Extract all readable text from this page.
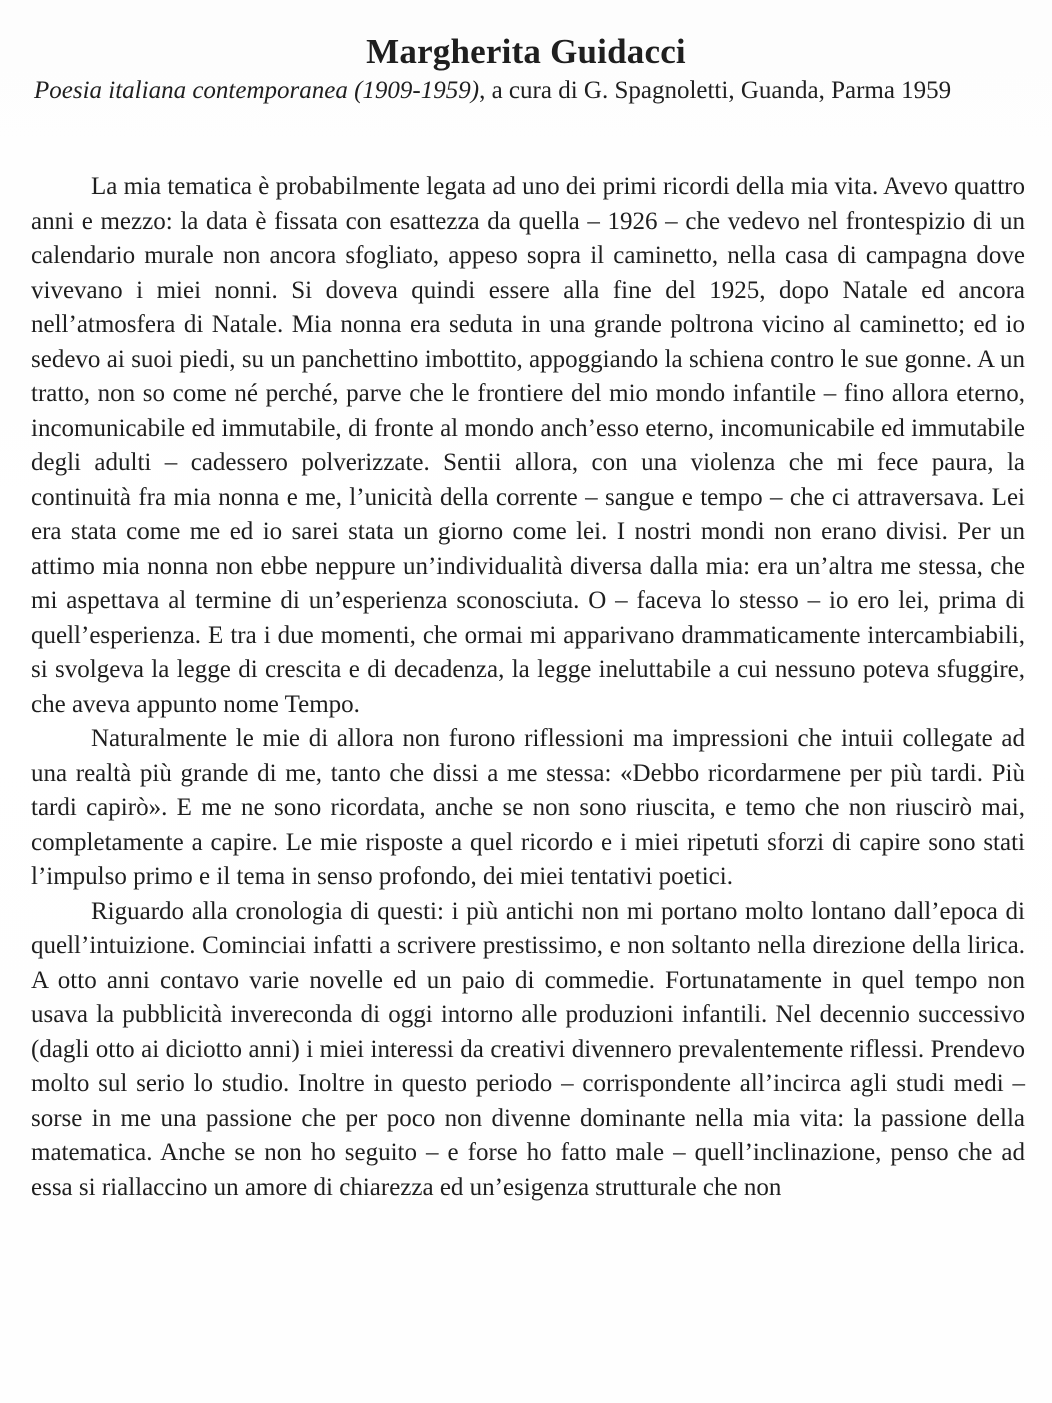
Margherita Guidacci

Poesia italiana contemporanea (1909-1959), a cura di G. Spagnoletti, Guanda, Parma 1959

La mia tematica è probabilmente legata ad uno dei primi ricordi della mia vita. Avevo quattro anni e mezzo: la data è fissata con esattezza da quella – 1926 – che vedevo nel frontespizio di un calendario murale non ancora sfogliato, appeso sopra il caminetto, nella casa di campagna dove vivevano i miei nonni. Si doveva quindi essere alla fine del 1925, dopo Natale ed ancora nell’atmosfera di Natale. Mia nonna era seduta in una grande poltrona vicino al caminetto; ed io sedevo ai suoi piedi, su un panchettino imbottito, appoggiando la schiena contro le sue gonne. A un tratto, non so come né perché, parve che le frontiere del mio mondo infantile – fino allora eterno, incomunicabile ed immutabile, di fronte al mondo anch’esso eterno, incomunicabile ed immutabile degli adulti – cadessero polverizzate. Sentii allora, con una violenza che mi fece paura, la continuità fra mia nonna e me, l’unicità della corrente – sangue e tempo – che ci attraversava. Lei era stata come me ed io sarei stata un giorno come lei. I nostri mondi non erano divisi. Per un attimo mia nonna non ebbe neppure un’individualità diversa dalla mia: era un’altra me stessa, che mi aspettava al termine di un’esperienza sconosciuta. O – faceva lo stesso – io ero lei, prima di quell’esperienza. E tra i due momenti, che ormai mi apparivano drammaticamente intercambiabili, si svolgeva la legge di crescita e di decadenza, la legge ineluttabile a cui nessuno poteva sfuggire, che aveva appunto nome Tempo.

Naturalmente le mie di allora non furono riflessioni ma impressioni che intuii collegate ad una realtà più grande di me, tanto che dissi a me stessa: «Debbo ricordarmene per più tardi. Più tardi capirò». E me ne sono ricordata, anche se non sono riuscita, e temo che non riuscirò mai, completamente a capire. Le mie risposte a quel ricordo e i miei ripetuti sforzi di capire sono stati l’impulso primo e il tema in senso profondo, dei miei tentativi poetici.

Riguardo alla cronologia di questi: i più antichi non mi portano molto lontano dall’epoca di quell’intuizione. Cominciai infatti a scrivere prestissimo, e non soltanto nella direzione della lirica. A otto anni contavo varie novelle ed un paio di commedie. Fortunatamente in quel tempo non usava la pubblicità invereconda di oggi intorno alle produzioni infantili. Nel decennio successivo (dagli otto ai diciotto anni) i miei interessi da creativi divennero prevalentemente riflessi. Prendevo molto sul serio lo studio. Inoltre in questo periodo – corrispondente all’incirca agli studi medi – sorse in me una passione che per poco non divenne dominante nella mia vita: la passione della matematica. Anche se non ho seguito – e forse ho fatto male – quell’inclinazione, penso che ad essa si riallaccino un amore di chiarezza ed un’esigenza strutturale che non
